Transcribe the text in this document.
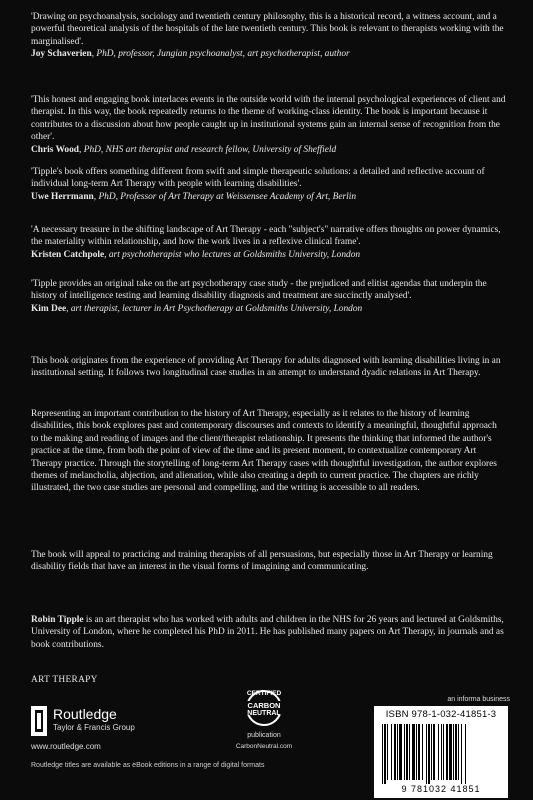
'Drawing on psychoanalysis, sociology and twentieth century philosophy, this is a historical record, a witness account, and a powerful theoretical analysis of the hospitals of the late twentieth century. This book is relevant to therapists working with the marginalised'.

Joy Schaverien, PhD, professor, Jungian psychoanalyst, art psychotherapist, author

'This honest and engaging book interlaces events in the outside world with the internal psychological experiences of client and therapist. In this way, the book repeatedly returns to the theme of working-class identity. The book is important because it contributes to a discussion about how people caught up in institutional systems gain an internal sense of recognition from the other'.

Chris Wood, PhD, NHS art therapist and research fellow, University of Sheffield

'Tipple's book offers something different from swift and simple therapeutic solutions: a detailed and reflective account of individual long-term Art Therapy with people with learning disabilities'.

Uwe Herrmann, PhD, Professor of Art Therapy at Weissensee Academy of Art, Berlin

'A necessary treasure in the shifting landscape of Art Therapy - each "subject's" narrative offers thoughts on power dynamics, the materiality within relationship, and how the work lives in a reflexive clinical frame'.

Kristen Catchpole, art psychotherapist who lectures at Goldsmiths University, London

'Tipple provides an original take on the art psychotherapy case study - the prejudiced and elitist agendas that underpin the history of intelligence testing and learning disability diagnosis and treatment are succinctly analysed'.

Kim Dee, art therapist, lecturer in Art Psychotherapy at Goldsmiths University, London

This book originates from the experience of providing Art Therapy for adults diagnosed with learning disabilities living in an institutional setting. It follows two longitudinal case studies in an attempt to understand dyadic relations in Art Therapy.

Representing an important contribution to the history of Art Therapy, especially as it relates to the history of learning disabilities, this book explores past and contemporary discourses and contexts to identify a meaningful, thoughtful approach to the making and reading of images and the client/therapist relationship. It presents the thinking that informed the author's practice at the time, from both the point of view of the time and its present moment, to contextualize contemporary Art Therapy practice. Through the storytelling of long-term Art Therapy cases with thoughtful investigation, the author explores themes of melancholia, abjection, and alienation, while also creating a depth to current practice. The chapters are richly illustrated, the two case studies are personal and compelling, and the writing is accessible to all readers.

The book will appeal to practicing and training therapists of all persuasions, but especially those in Art Therapy or learning disability fields that have an interest in the visual forms of imagining and communicating.

Robin Tipple is an art therapist who has worked with adults and children in the NHS for 26 years and lectured at Goldsmiths, University of London, where he completed his PhD in 2011. He has published many papers on Art Therapy, in journals and as book contributions.

ART THERAPY
Routledge
Taylor & Francis Group
www.routledge.com
Routledge titles are available as eBook editions in a range of digital formats
CERTIFIED
CARBON
NEUTRAL
publication
CarbonNeutral.com
an informa business
ISBN 978-1-032-41851-3
9 781032 41851
